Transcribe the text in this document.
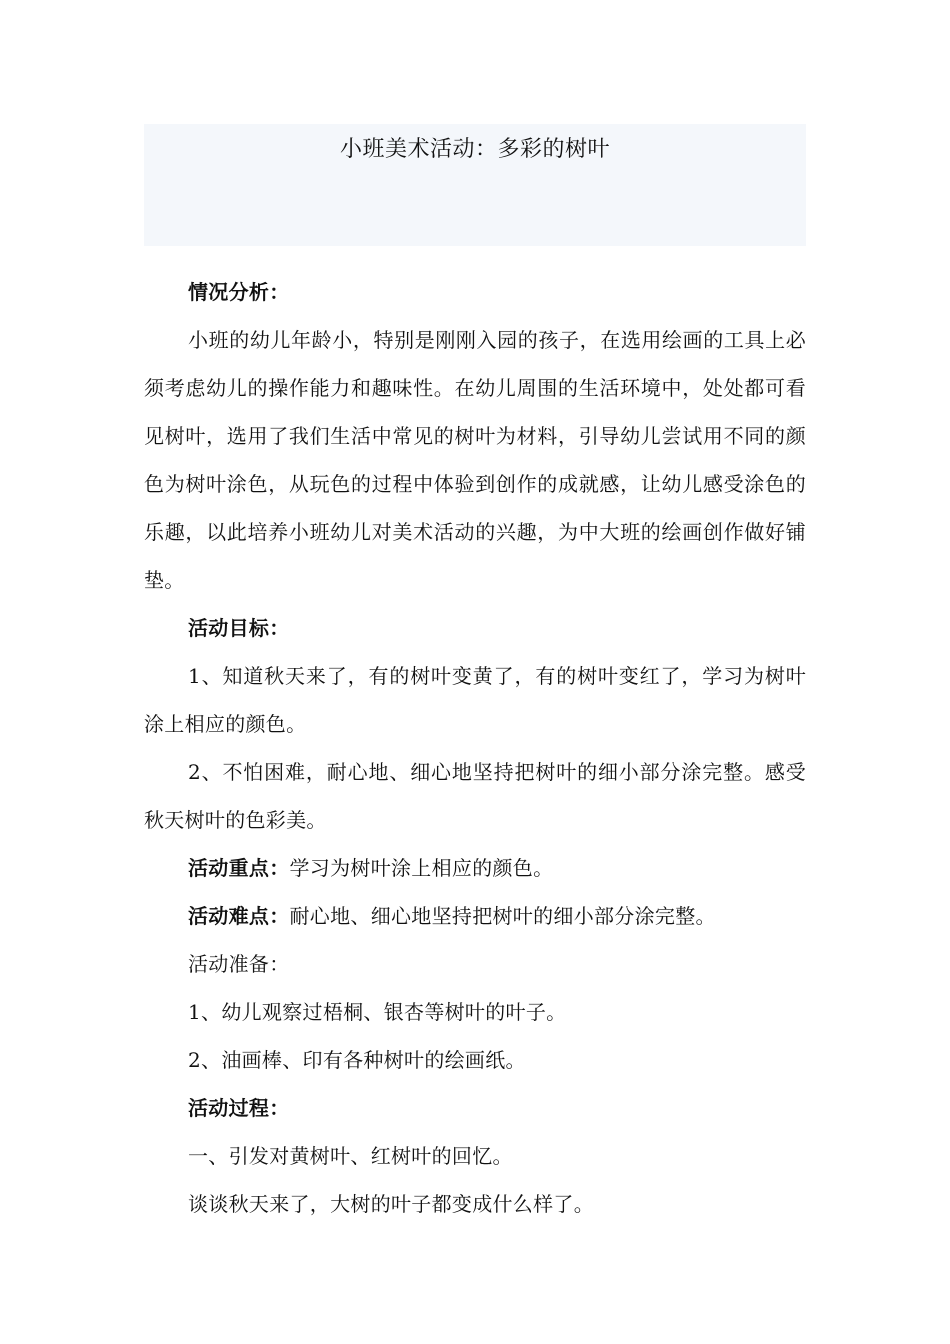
小班美术活动：多彩的树叶

情况分析：

小班的幼儿年龄小，特别是刚刚入园的孩子，在选用绘画的工具上必须考虑幼儿的操作能力和趣味性。在幼儿周围的生活环境中，处处都可看见树叶，选用了我们生活中常见的树叶为材料，引导幼儿尝试用不同的颜色为树叶涂色，从玩色的过程中体验到创作的成就感，让幼儿感受涂色的乐趣，以此培养小班幼儿对美术活动的兴趣，为中大班的绘画创作做好铺垫。

活动目标：

1、知道秋天来了，有的树叶变黄了，有的树叶变红了，学习为树叶涂上相应的颜色。

2、不怕困难，耐心地、细心地坚持把树叶的细小部分涂完整。感受秋天树叶的色彩美。

活动重点：学习为树叶涂上相应的颜色。

活动难点：耐心地、细心地坚持把树叶的细小部分涂完整。

活动准备：

1、幼儿观察过梧桐、银杏等树叶的叶子。

2、油画棒、印有各种树叶的绘画纸。

活动过程：

一、引发对黄树叶、红树叶的回忆。

谈谈秋天来了，大树的叶子都变成什么样了。
